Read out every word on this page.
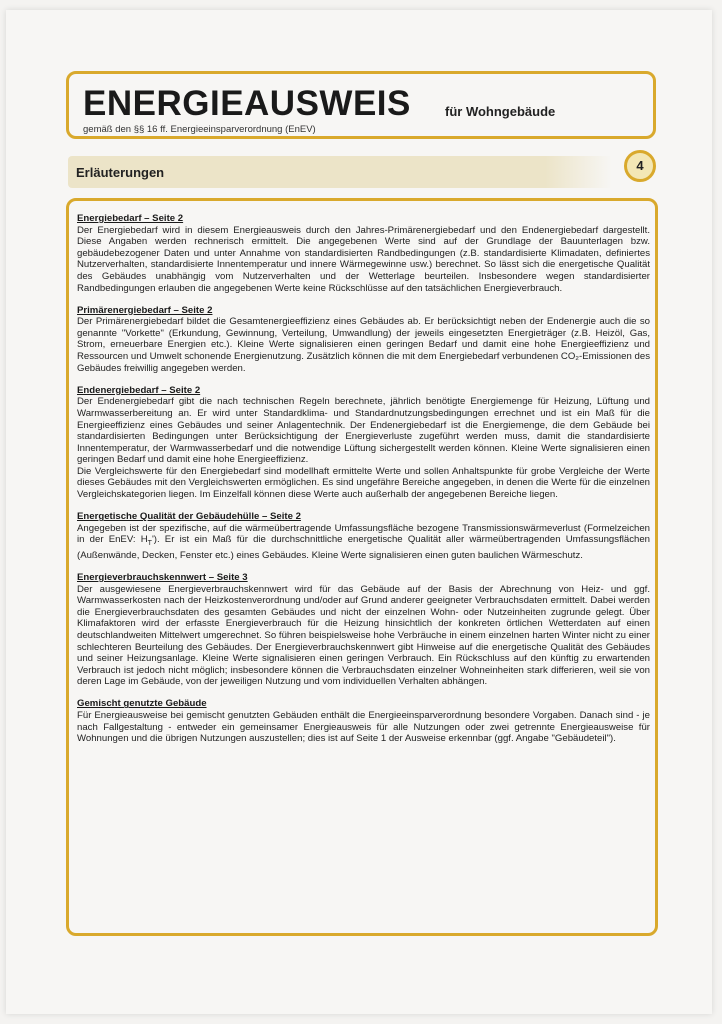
ENERGIEAUSWEIS	für Wohngebäude
gemäß den §§ 16 ff. Energieeinsparverordnung (EnEV)
Erläuterungen	4
Energiebedarf – Seite 2

Der Energiebedarf wird in diesem Energieausweis durch den Jahres-Primärenergiebedarf und den Endenergiebedarf dargestellt. Diese Angaben werden rechnerisch ermittelt. Die angegebenen Werte sind auf der Grundlage der Bauunterlagen bzw. gebäudebezogener Daten und unter Annahme von standardisierten Randbedingungen (z.B. standardisierte Klimadaten, definiertes Nutzerverhalten, standardisierte Innentemperatur und innere Wärmegewinne usw.) berechnet. So lässt sich die energetische Qualität des Gebäudes unabhängig vom Nutzerverhalten und der Wetterlage beurteilen. Insbesondere wegen standardisierter Randbedingungen erlauben die angegebenen Werte keine Rückschlüsse auf den tatsächlichen Energieverbrauch.

Primärenergiebedarf – Seite 2

Der Primärenergiebedarf bildet die Gesamtenergieeffizienz eines Gebäudes ab. Er berücksichtigt neben der Endenergie auch die so genannte "Vorkette" (Erkundung, Gewinnung, Verteilung, Umwandlung) der jeweils eingesetzten Energieträger (z.B. Heizöl, Gas, Strom, erneuerbare Energien etc.). Kleine Werte signalisieren einen geringen Bedarf und damit eine hohe Energieeffizienz und Ressourcen und Umwelt schonende Energienutzung. Zusätzlich können die mit dem Energiebedarf verbundenen CO₂-Emissionen des Gebäudes freiwillig angegeben werden.

Endenergiebedarf – Seite 2

Der Endenergiebedarf gibt die nach technischen Regeln berechnete, jährlich benötigte Energiemenge für Heizung, Lüftung und Warmwasserbereitung an. Er wird unter Standardklima- und Standardnutzungsbedingungen errechnet und ist ein Maß für die Energieeffizienz eines Gebäudes und seiner Anlagentechnik. Der Endenergiebedarf ist die Energiemenge, die dem Gebäude bei standardisierten Bedingungen unter Berücksichtigung der Energieverluste zugeführt werden muss, damit die standardisierte Innentemperatur, der Warmwasserbedarf und die notwendige Lüftung sichergestellt werden können. Kleine Werte signalisieren einen geringen Bedarf und damit eine hohe Energieeffizienz.

Die Vergleichswerte für den Energiebedarf sind modellhaft ermittelte Werte und sollen Anhaltspunkte für grobe Vergleiche der Werte dieses Gebäudes mit den Vergleichswerten ermöglichen. Es sind ungefähre Bereiche angegeben, in denen die Werte für die einzelnen Vergleichskategorien liegen. Im Einzelfall können diese Werte auch außerhalb der angegebenen Bereiche liegen.

Energetische Qualität der Gebäudehülle – Seite 2

Angegeben ist der spezifische, auf die wärmeübertragende Umfassungsfläche bezogene Transmissionswärmeverlust (Formelzeichen in der EnEV: $H_T'$). Er ist ein Maß für die durchschnittliche energetische Qualität aller wärmeübertragenden Umfassungsflächen (Außenwände, Decken, Fenster etc.) eines Gebäudes. Kleine Werte signalisieren einen guten baulichen Wärmeschutz.

Energieverbrauchskennwert – Seite 3

Der ausgewiesene Energieverbrauchskennwert wird für das Gebäude auf der Basis der Abrechnung von Heiz- und ggf. Warmwasserkosten nach der Heizkostenverordnung und/oder auf Grund anderer geeigneter Verbrauchsdaten ermittelt. Dabei werden die Energieverbrauchsdaten des gesamten Gebäudes und nicht der einzelnen Wohn- oder Nutzeinheiten zugrunde gelegt. Über Klimafaktoren wird der erfasste Energieverbrauch für die Heizung hinsichtlich der konkreten örtlichen Wetterdaten auf einen deutschlandweiten Mittelwert umgerechnet. So führen beispielsweise hohe Verbräuche in einem einzelnen harten Winter nicht zu einer schlechteren Beurteilung des Gebäudes. Der Energieverbrauchskennwert gibt Hinweise auf die energetische Qualität des Gebäudes und seiner Heizungsanlage. Kleine Werte signalisieren einen geringen Verbrauch. Ein Rückschluss auf den künftig zu erwartenden Verbrauch ist jedoch nicht möglich; insbesondere können die Verbrauchsdaten einzelner Wohneinheiten stark differieren, weil sie von deren Lage im Gebäude, von der jeweiligen Nutzung und vom individuellen Verhalten abhängen.

Gemischt genutzte Gebäude

Für Energieausweise bei gemischt genutzten Gebäuden enthält die Energieeinsparverordnung besondere Vorgaben. Danach sind - je nach Fallgestaltung - entweder ein gemeinsamer Energieausweis für alle Nutzungen oder zwei getrennte Energieausweise für Wohnungen und die übrigen Nutzungen auszustellen; dies ist auf Seite 1 der Ausweise erkennbar (ggf. Angabe "Gebäudeteil").
